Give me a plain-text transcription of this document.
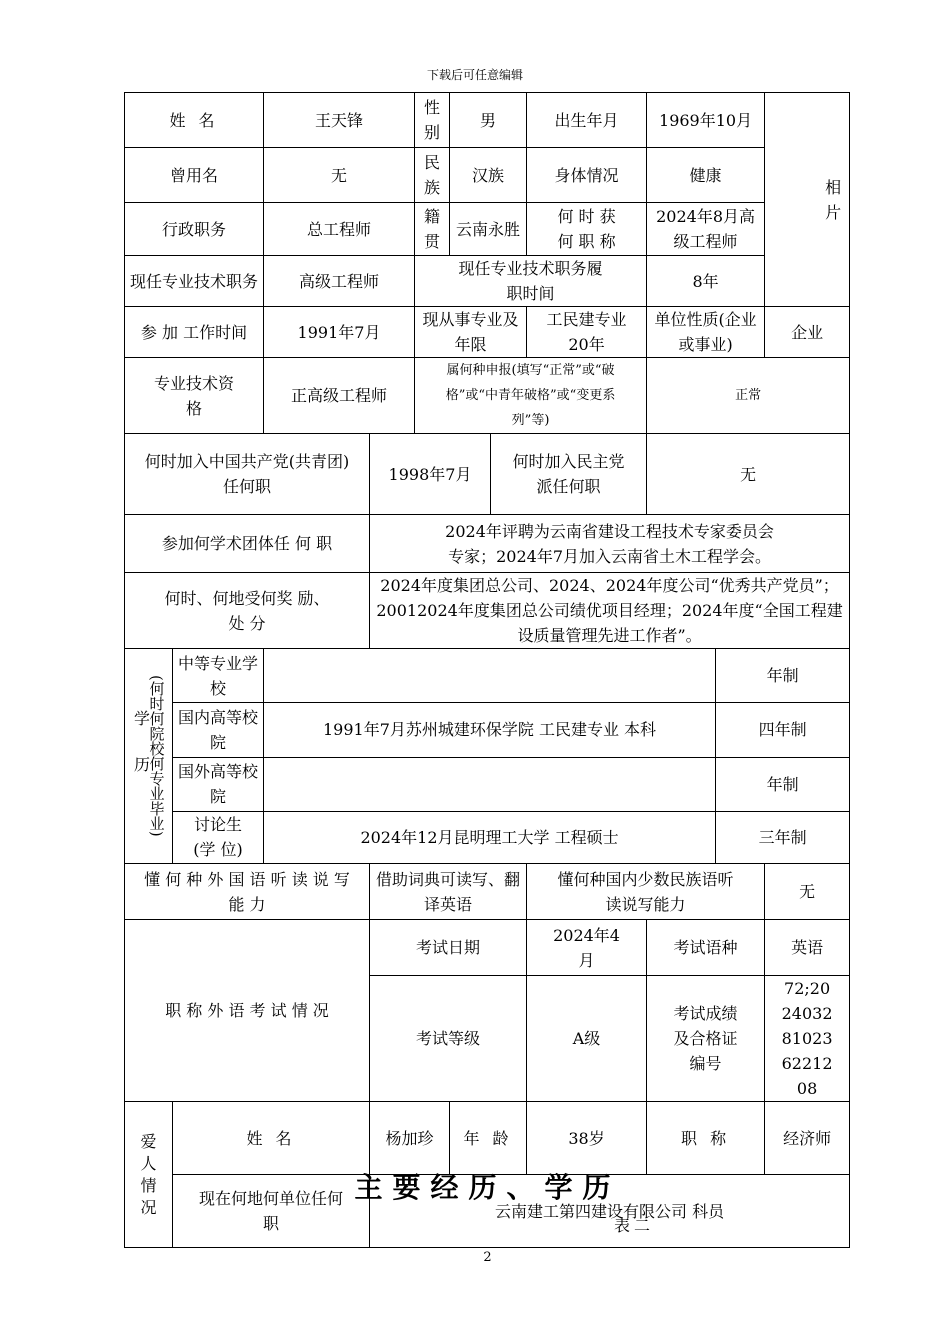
下载后可任意编辑
姓 名		王天锋		性别	男		出生年月	1969年10月		相片
曾用名		无		民族	汉族		身体情况	健康		
行政职务		总工程师		籍贯	云南永胜		何 时 获 何 职 称	2024年8月高级工程师		
现任专业技术职务		高级工程师		现任专业技术职务履职时间				8年		
参 加 工作时间		1991年7月		现从事专业及年限			工民建专业20年	单位性质(企业或事业)		企业
专业技术资格		正高级工程师		属何种申报(填写“正常”或“破格”或“中青年破格”或“变更系列”等)				正常		
何时加入中国共产党(共青团)任何职			1998年7月			何时加入民主党派任何职		无		
参加何学术团体任 何 职			2024年评聘为云南省建设工程技术专家委员会专家；2024年7月加入云南省土木工程学会。							
何时、何地受何奖 励、 处 分			2024年度集团总公司、2024、2024年度公司“优秀共产党员”；20012024年度集团总公司绩优项目经理；2024年度“全国工程建设质量管理先进工作者”。							

学历
(何时何院校何专业毕业)	中等专业学校								年制	
	国内高等校院	1991年7月苏州城建环保学院 工民建专业 本科							四年制	
	国外高等校院								年制	
	讨论生(学 位)	2024年12月昆明理工大学 工程硕士							三年制	
懂 何 种 外 国 语 听 读 说 写 能 力			借助词典可读写、翻译英语				懂何种国内少数民族语听读说写能力			无
职 称 外 语 考 试 情 况			考试日期				2024年4月	考试语种		英语
			考试等级				A级	考试成绩及合格证编号		72;2024032810236221208
爱人情况	姓 名		杨加珍		年 龄		38岁	职 称		经济师
	现在何地何单位任何职		云南建工第四建设有限公司 科员							
主要经历、学历
表二
2
